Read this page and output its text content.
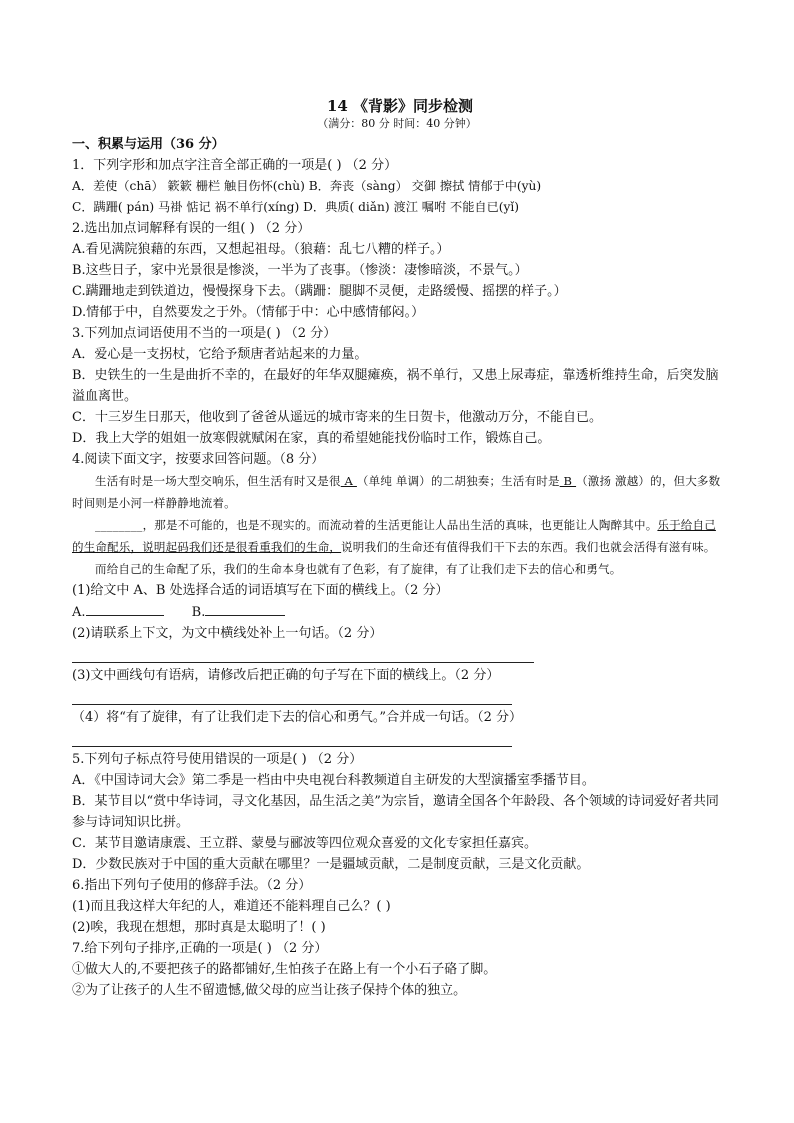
14 《背影》同步检测
（满分：80 分 时间：40 分钟）
一、积累与运用（36 分）
1．下列字形和加点字注音全部正确的一项是( ) （2 分）
A．差使（chā） 簌簌 栅栏 触目伤怀(chù) B．奔丧（sàng） 交御 擦拭 情郁于中(yù)
C．蹒跚( pán) 马褂 惦记 祸不单行(xíng) D．典质( diǎn) 渡江 嘱咐 不能自已(yǐ)
2.选出加点词解释有误的一组( ) （2 分）
A.看见满院狼藉的东西，又想起祖母。（狼藉：乱七八糟的样子。）
B.这些日子，家中光景很是惨淡，一半为了丧事。（惨淡：凄惨暗淡，不景气。）
C.蹒跚地走到铁道边，慢慢探身下去。（蹒跚：腿脚不灵便，走路缓慢、摇摆的样子。）
D.情郁于中，自然要发之于外。（情郁于中：心中感情郁闷。）
3.下列加点词语使用不当的一项是( ) （2 分）
A．爱心是一支拐杖，它给予颓唐者站起来的力量。
B．史铁生的一生是曲折不幸的，在最好的年华双腿瘫痪，祸不单行，又患上尿毒症，靠透析维持生命，后突发脑溢血离世。
C．十三岁生日那天，他收到了爸爸从遥远的城市寄来的生日贺卡，他激动万分，不能自已。
D．我上大学的姐姐一放寒假就赋闲在家，真的希望她能找份临时工作，锻炼自己。
4.阅读下面文字，按要求回答问题。（8 分）
生活有时是一场大型交响乐，但生活有时又是很 A （单纯 单调）的二胡独奏；生活有时是 B （激扬 激越）的，但大多数时间则是小河一样静静地流着。
________，那是不可能的，也是不现实的。而流动着的生活更能让人品出生活的真味，也更能让人陶醉其中。乐于给自己的生命配乐，说明起码我们还是很看重我们的生命，说明我们的生命还有值得我们干下去的东西。我们也就会活得有滋有味。
而给自己的生命配了乐，我们的生命本身也就有了色彩，有了旋律，有了让我们走下去的信心和勇气。
(1)给文中 A、B 处选择合适的词语填写在下面的横线上。（2 分）
A.	B.
(2)请联系上下文，为文中横线处补上一句话。（2 分）
(3)文中画线句有语病，请修改后把正确的句子写在下面的横线上。（2 分）
（4）将“有了旋律，有了让我们走下去的信心和勇气。”合并成一句话。（2 分）
5.下列句子标点符号使用错误的一项是( ) （2 分）
A．《中国诗词大会》第二季是一档由中央电视台科教频道自主研发的大型演播室季播节目。
B．某节目以“赏中华诗词，寻文化基因，品生活之美”为宗旨，邀请全国各个年龄段、各个领域的诗词爱好者共同参与诗词知识比拼。
C．某节目邀请康震、王立群、蒙曼与郦波等四位观众喜爱的文化专家担任嘉宾。
D．少数民族对于中国的重大贡献在哪里？一是疆域贡献，二是制度贡献，三是文化贡献。
6.指出下列句子使用的修辞手法。（2 分）
(1)而且我这样大年纪的人，难道还不能料理自己么？( )
(2)唉，我现在想想，那时真是太聪明了！( )
7.给下列句子排序,正确的一项是( ) （2 分）
①做大人的,不要把孩子的路都铺好,生怕孩子在路上有一个小石子硌了脚。
②为了让孩子的人生不留遗憾,做父母的应当让孩子保持个体的独立。
